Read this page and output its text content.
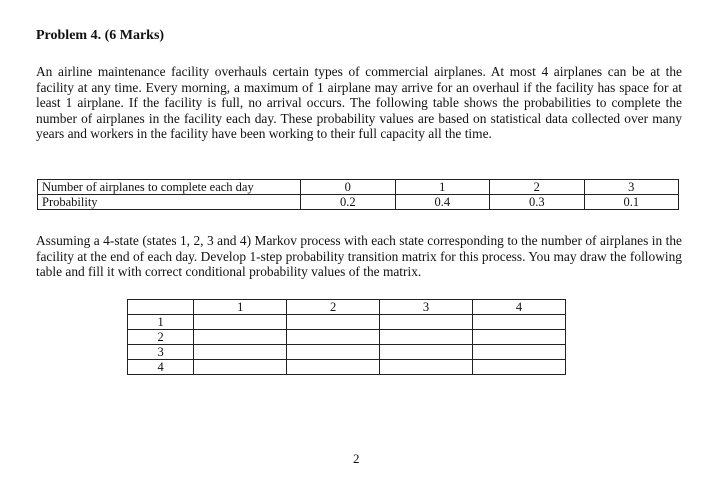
Problem 4. (6 Marks)

An airline maintenance facility overhauls certain types of commercial airplanes. At most 4 airplanes can be at the facility at any time. Every morning, a maximum of 1 airplane may arrive for an overhaul if the facility has space for at least 1 airplane. If the facility is full, no arrival occurs. The following table shows the probabilities to complete the number of airplanes in the facility each day. These probability values are based on statistical data collected over many years and workers in the facility have been working to their full capacity all the time.

Number of airplanes to complete each day	0	1	2	3
Probability	0.2	0.4	0.3	0.1

Assuming a 4-state (states 1, 2, 3 and 4) Markov process with each state corresponding to the number of airplanes in the facility at the end of each day. Develop 1-step probability transition matrix for this process. You may draw the following table and fill it with correct conditional probability values of the matrix.

	1	2	3	4
1				
2				
3				
4				
2
